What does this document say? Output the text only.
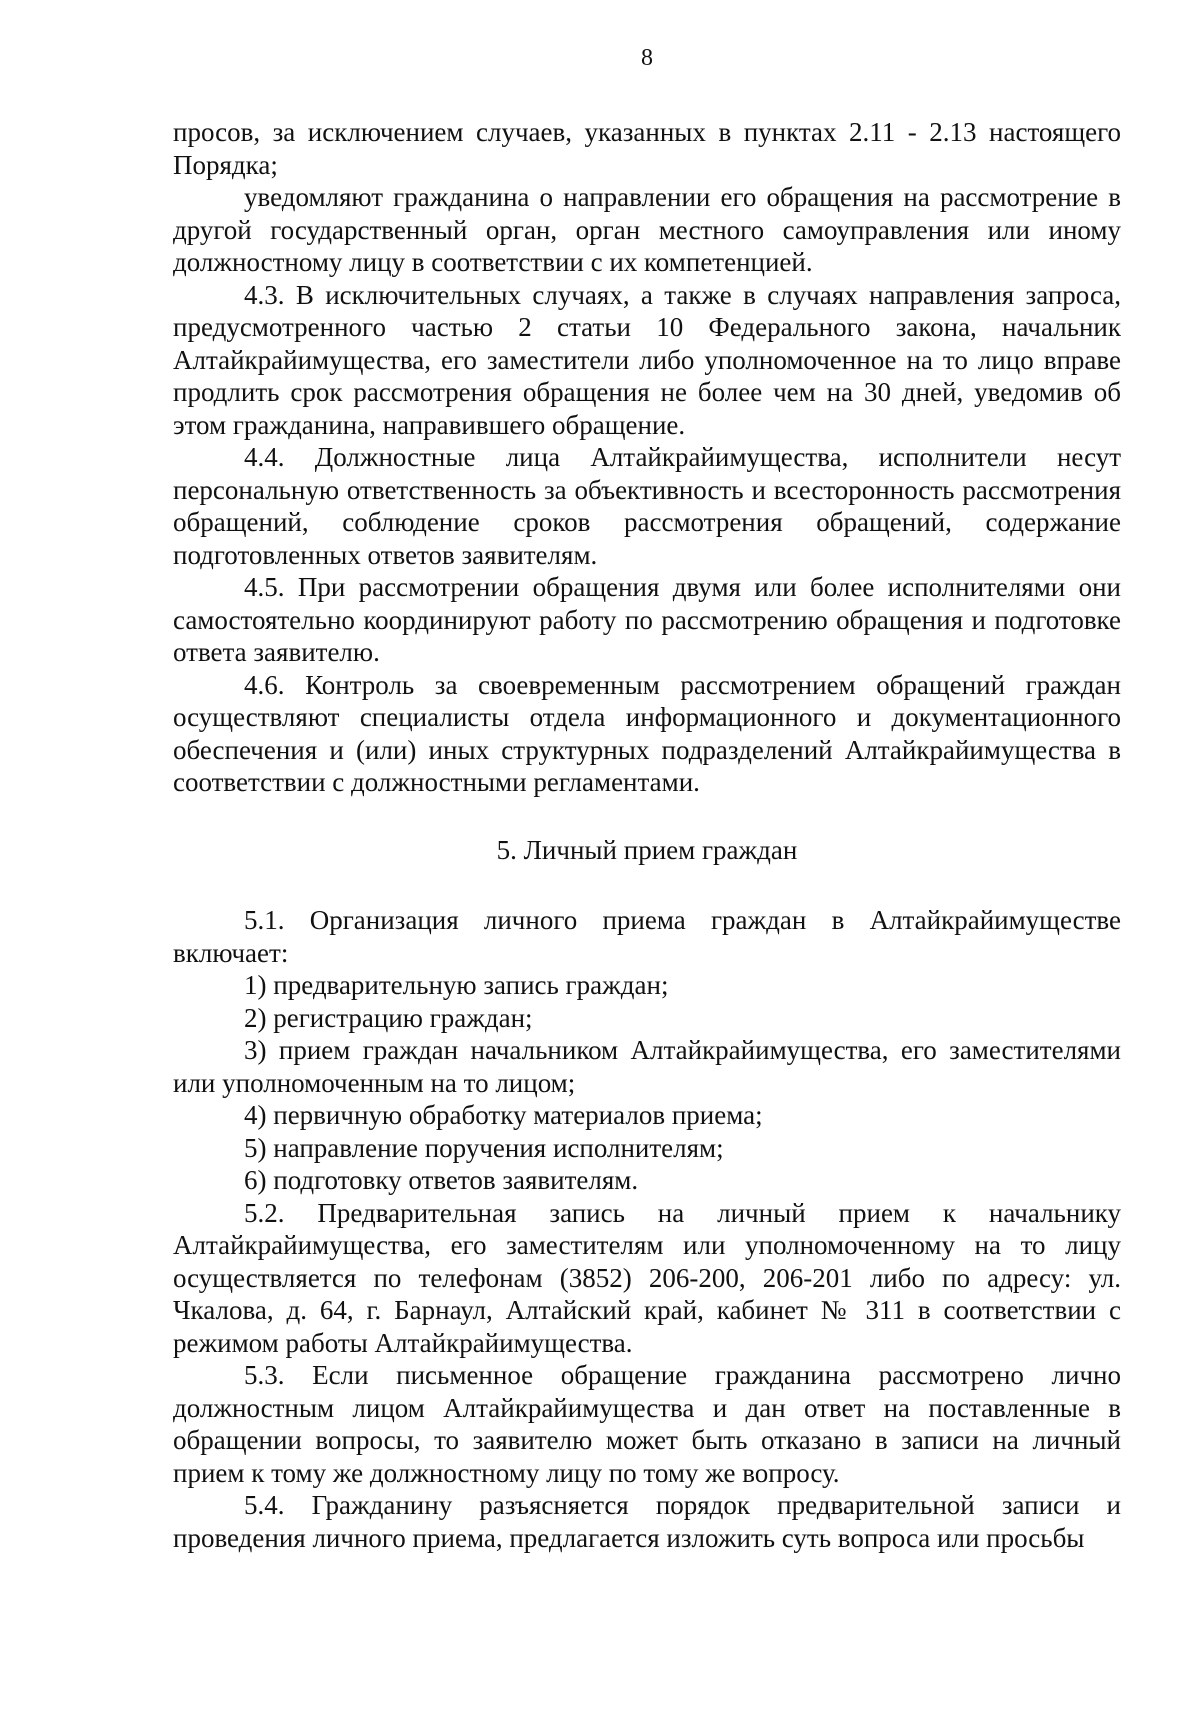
8

просов, за исключением случаев, указанных в пунктах 2.11 - 2.13 настоящего Порядка;

уведомляют гражданина о направлении его обращения на рассмотрение в другой государственный орган, орган местного самоуправления или иному должностному лицу в соответствии с их компетенцией.

4.3. В исключительных случаях, а также в случаях направления запроса, предусмотренного частью 2 статьи 10 Федерального закона, начальник Алтайкрайимущества, его заместители либо уполномоченное на то лицо вправе продлить срок рассмотрения обращения не более чем на 30 дней, уведомив об этом гражданина, направившего обращение.

4.4. Должностные лица Алтайкрайимущества, исполнители несут персональную ответственность за объективность и всесторонность рассмотрения обращений, соблюдение сроков рассмотрения обращений, содержание подготовленных ответов заявителям.

4.5. При рассмотрении обращения двумя или более исполнителями они самостоятельно координируют работу по рассмотрению обращения и подготовке ответа заявителю.

4.6. Контроль за своевременным рассмотрением обращений граждан осуществляют специалисты отдела информационного и документационного обеспечения и (или) иных структурных подразделений Алтайкрайимущества в соответствии с должностными регламентами.

5. Личный прием граждан

5.1. Организация личного приема граждан в Алтайкрайимуществе включает:

1) предварительную запись граждан;

2) регистрацию граждан;

3) прием граждан начальником Алтайкрайимущества, его заместителями или уполномоченным на то лицом;

4) первичную обработку материалов приема;

5) направление поручения исполнителям;

6) подготовку ответов заявителям.

5.2. Предварительная запись на личный прием к начальнику Алтайкрайимущества, его заместителям или уполномоченному на то лицу осуществляется по телефонам (3852) 206-200, 206-201 либо по адресу: ул. Чкалова, д. 64, г. Барнаул, Алтайский край, кабинет № 311 в соответствии с режимом работы Алтайкрайимущества.

5.3. Если письменное обращение гражданина рассмотрено лично должностным лицом Алтайкрайимущества и дан ответ на поставленные в обращении вопросы, то заявителю может быть отказано в записи на личный прием к тому же должностному лицу по тому же вопросу.

5.4. Гражданину разъясняется порядок предварительной записи и проведения личного приема, предлагается изложить суть вопроса или просьбы
